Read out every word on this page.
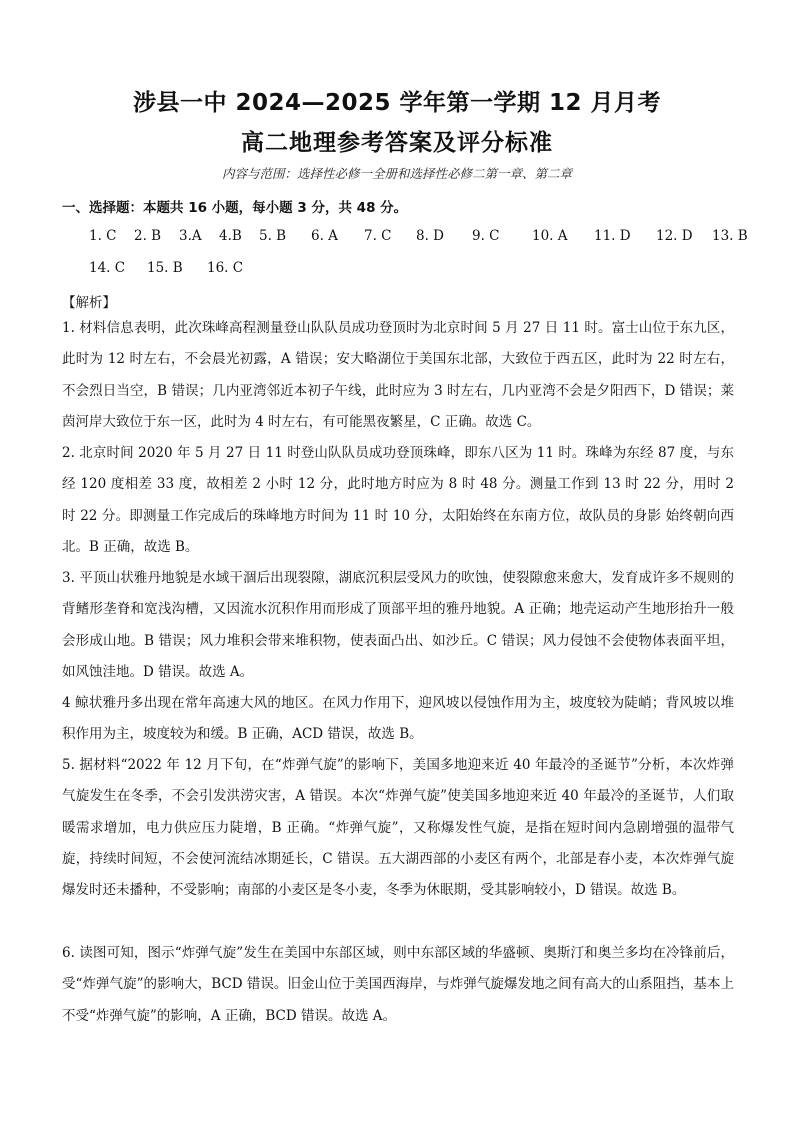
涉县一中 2024—2025 学年第一学期 12 月月考
高二地理参考答案及评分标准
内容与范围：选择性必修一全册和选择性必修二第一章、第二章
一、选择题：本题共 16 小题，每小题 3 分，共 48 分。
1. C 2. B 3.A 4.B 5. B 6. A 7. C 8. D 9. C 10. A 11. D 12. D 13. B
14. C 15. B 16. C
【解析】
1. 材料信息表明，此次珠峰高程测量登山队队员成功登顶时为北京时间 5 月 27 日 11 时。富士山位于东九区，此时为 12 时左右，不会晨光初露，A 错误；安大略湖位于美国东北部，大致位于西五区，此时为 22 时左右，不会烈日当空，B 错误；几内亚湾邻近本初子午线，此时应为 3 时左右，几内亚湾不会是夕阳西下，D 错误；莱茵河岸大致位于东一区，此时为 4 时左右，有可能黑夜繁星，C 正确。故选 C。
2. 北京时间 2020 年 5 月 27 日 11 时登山队队员成功登顶珠峰，即东八区为 11 时。珠峰为东经 87 度，与东经 120 度相差 33 度，故相差 2 小时 12 分，此时地方时应为 8 时 48 分。测量工作到 13 时 22 分，用时 2 时 22 分。即测量工作完成后的珠峰地方时间为 11 时 10 分，太阳始终在东南方位，故队员的身影 始终朝向西北。B 正确，故选 B。
3. 平顶山状雅丹地貌是水域干涸后出现裂隙，湖底沉积层受风力的吹蚀，使裂隙愈来愈大，发育成许多不规则的背鳍形垄脊和宽浅沟槽，又因流水沉积作用而形成了顶部平坦的雅丹地貌。A 正确；地壳运动产生地形抬升一般会形成山地。B 错误；风力堆积会带来堆积物，使表面凸出、如沙丘。C 错误；风力侵蚀不会使物体表面平坦，如风蚀洼地。D 错误。故选 A。
4 鲸状雅丹多出现在常年高速大风的地区。在风力作用下，迎风坡以侵蚀作用为主，坡度较为陡峭；背风坡以堆积作用为主，坡度较为和缓。B 正确，ACD 错误，故选 B。
5. 据材料“2022 年 12 月下旬，在“炸弹气旋”的影响下，美国多地迎来近 40 年最冷的圣诞节”分析，本次炸弹气旋发生在冬季，不会引发洪涝灾害，A 错误。本次“炸弹气旋”使美国多地迎来近 40 年最冷的圣诞节，人们取暖需求增加，电力供应压力陡增，B 正确。“炸弹气旋”，又称爆发性气旋，是指在短时间内急剧增强的温带气旋，持续时间短，不会使河流结冰期延长，C 错误。五大湖西部的小麦区有两个，北部是春小麦，本次炸弹气旋爆发时还未播种，不受影响；南部的小麦区是冬小麦，冬季为休眠期，受其影响较小，D 错误。故选 B。
6. 读图可知，图示“炸弹气旋”发生在美国中东部区域，则中东部区域的华盛顿、奥斯汀和奥兰多均在冷锋前后，受“炸弹气旋”的影响大，BCD 错误。旧金山位于美国西海岸，与炸弹气旋爆发地之间有高大的山系阻挡，基本上不受“炸弹气旋”的影响，A 正确，BCD 错误。故选 A。
